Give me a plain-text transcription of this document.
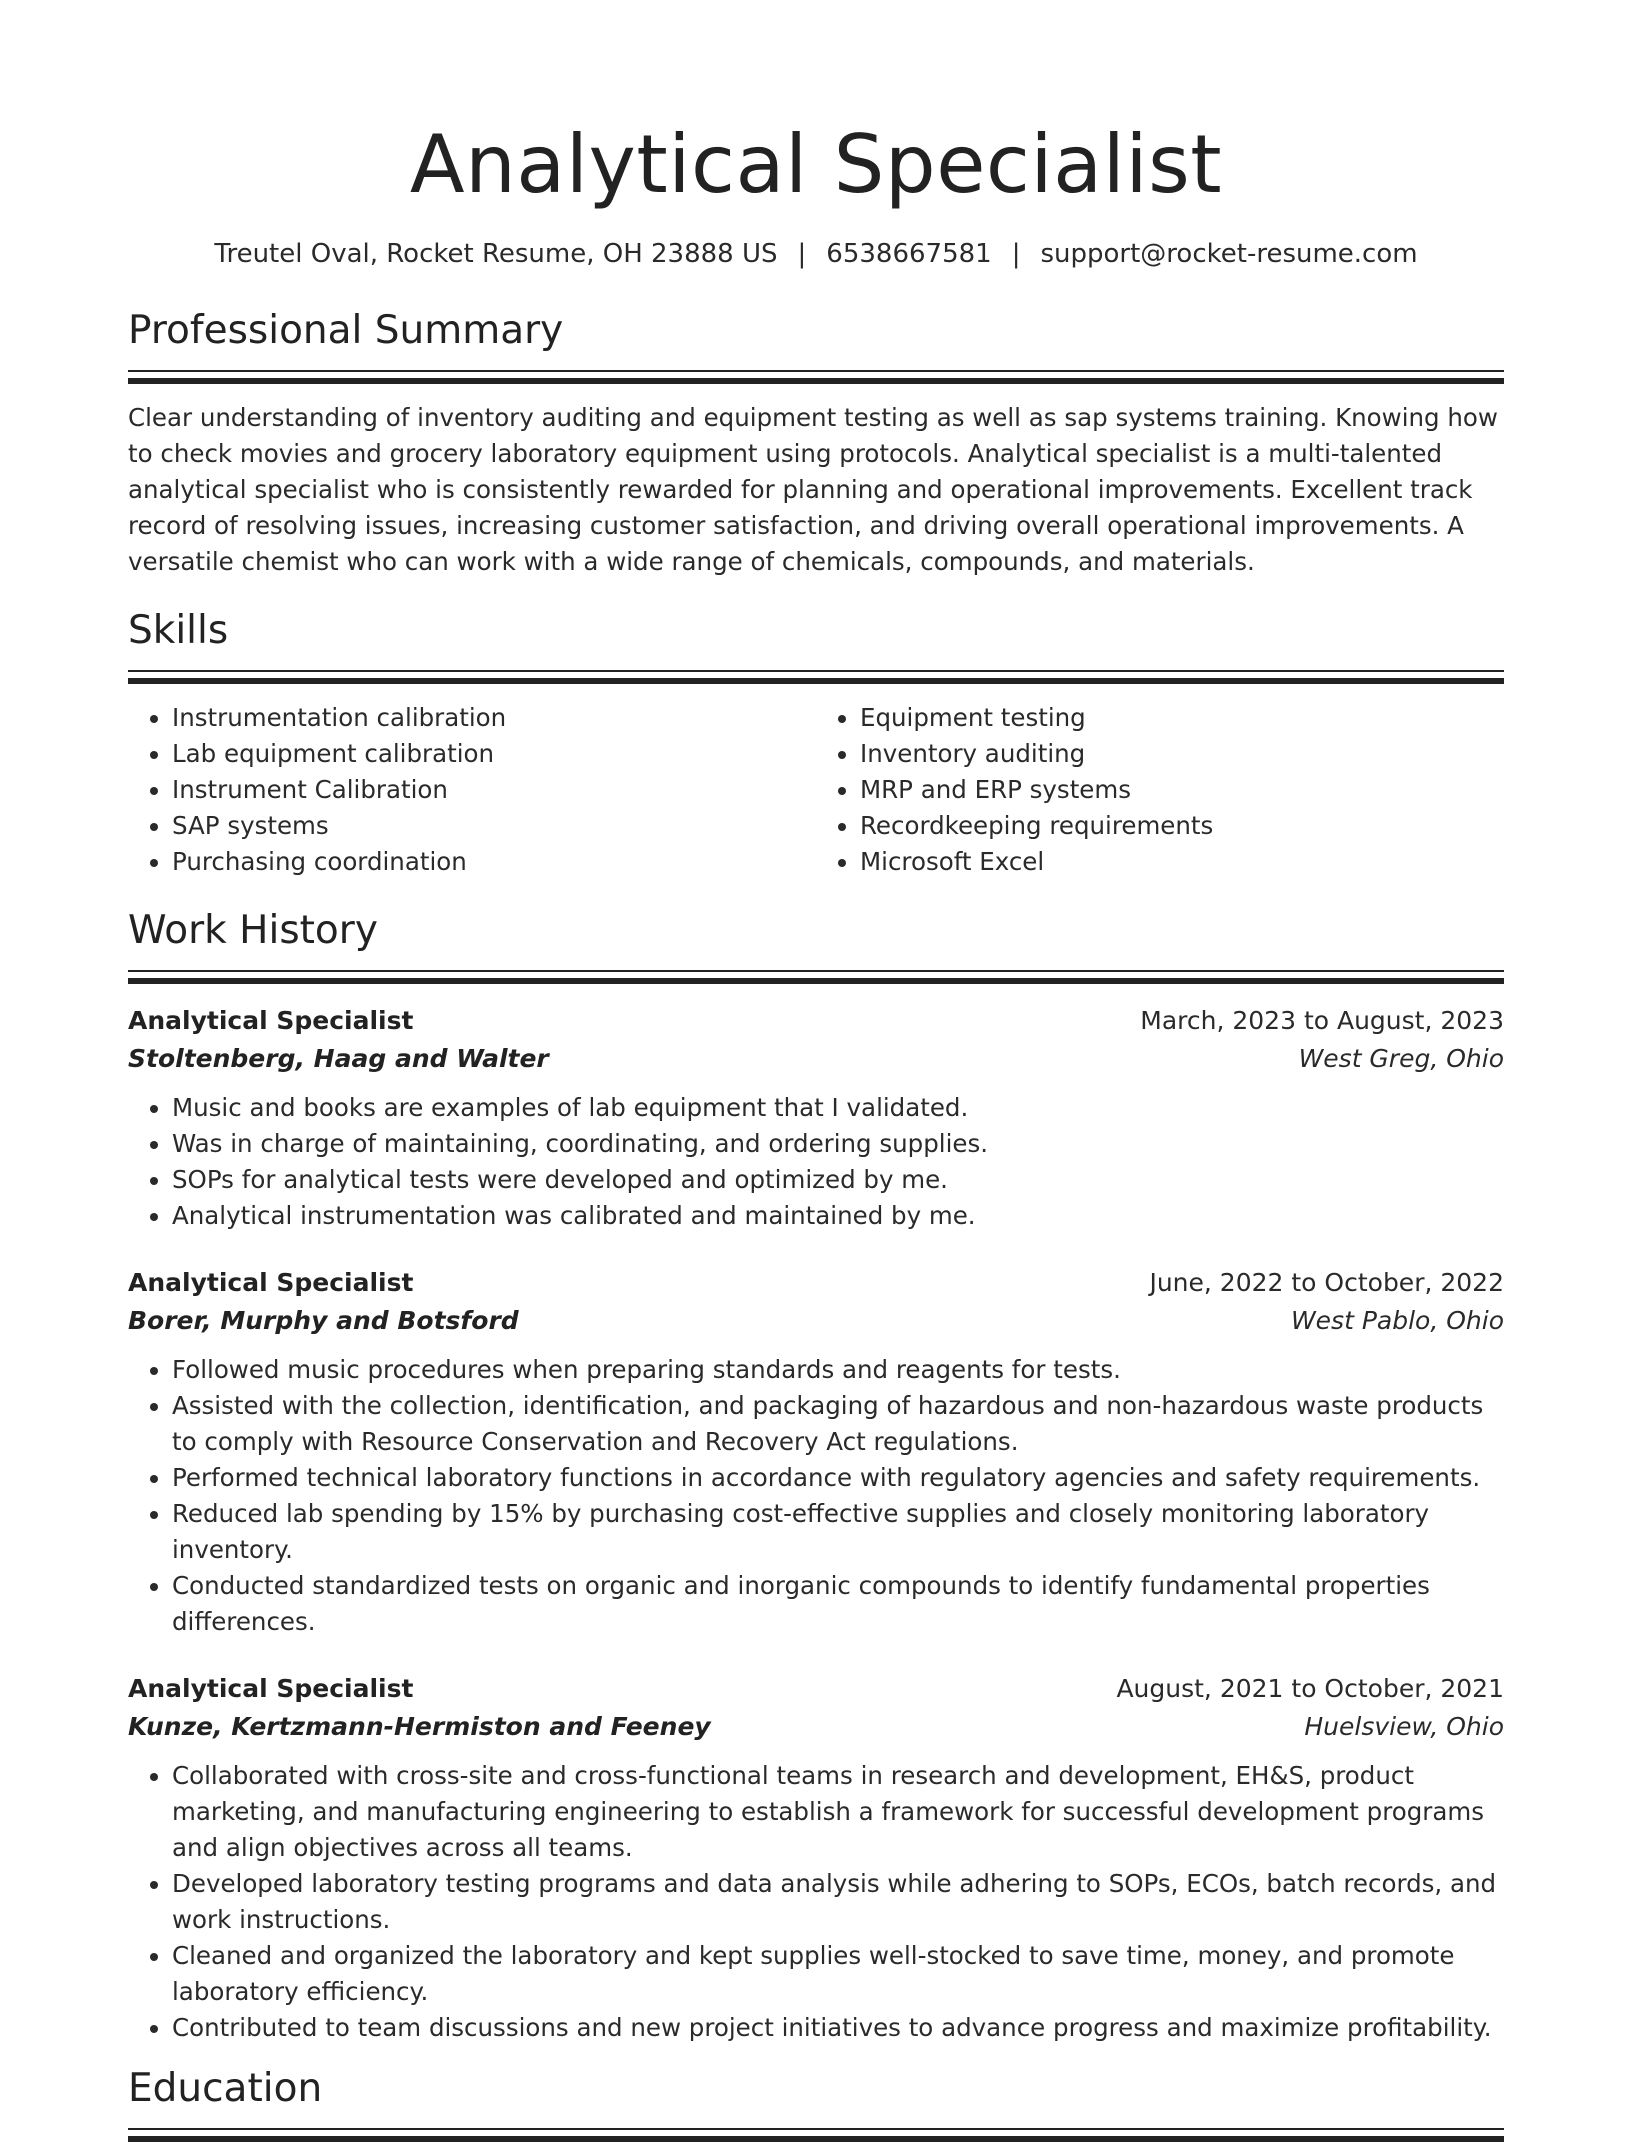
Analytical Specialist
Treutel Oval, Rocket Resume, OH 23888 US | 6538667581 | support@rocket-resume.com
Professional Summary

Clear understanding of inventory auditing and equipment testing as well as sap systems training. Knowing how to check movies and grocery laboratory equipment using protocols. Analytical specialist is a multi-talented analytical specialist who is consistently rewarded for planning and operational improvements. Excellent track record of resolving issues, increasing customer satisfaction, and driving overall operational improvements. A versatile chemist who can work with a wide range of chemicals, compounds, and materials.

Skills
• Instrumentation calibration
• Lab equipment calibration
• Instrument Calibration
• SAP systems
• Purchasing coordination
• Equipment testing
• Inventory auditing
• MRP and ERP systems
• Recordkeeping requirements
• Microsoft Excel
Work History
Analytical Specialist	March, 2023 to August, 2023
Stoltenberg, Haag and Walter	West Greg, Ohio
• Music and books are examples of lab equipment that I validated.
• Was in charge of maintaining, coordinating, and ordering supplies.
• SOPs for analytical tests were developed and optimized by me.
• Analytical instrumentation was calibrated and maintained by me.
Analytical Specialist	June, 2022 to October, 2022
Borer, Murphy and Botsford	West Pablo, Ohio
• Followed music procedures when preparing standards and reagents for tests.
• Assisted with the collection, identification, and packaging of hazardous and non-hazardous waste products to comply with Resource Conservation and Recovery Act regulations.
• Performed technical laboratory functions in accordance with regulatory agencies and safety requirements.
• Reduced lab spending by 15% by purchasing cost-effective supplies and closely monitoring laboratory inventory.
• Conducted standardized tests on organic and inorganic compounds to identify fundamental properties differences.
Analytical Specialist	August, 2021 to October, 2021
Kunze, Kertzmann-Hermiston and Feeney	Huelsview, Ohio
• Collaborated with cross-site and cross-functional teams in research and development, EH&S, product marketing, and manufacturing engineering to establish a framework for successful development programs and align objectives across all teams.
• Developed laboratory testing programs and data analysis while adhering to SOPs, ECOs, batch records, and work instructions.
• Cleaned and organized the laboratory and kept supplies well-stocked to save time, money, and promote laboratory efficiency.
• Contributed to team discussions and new project initiatives to advance progress and maximize profitability.
Education
